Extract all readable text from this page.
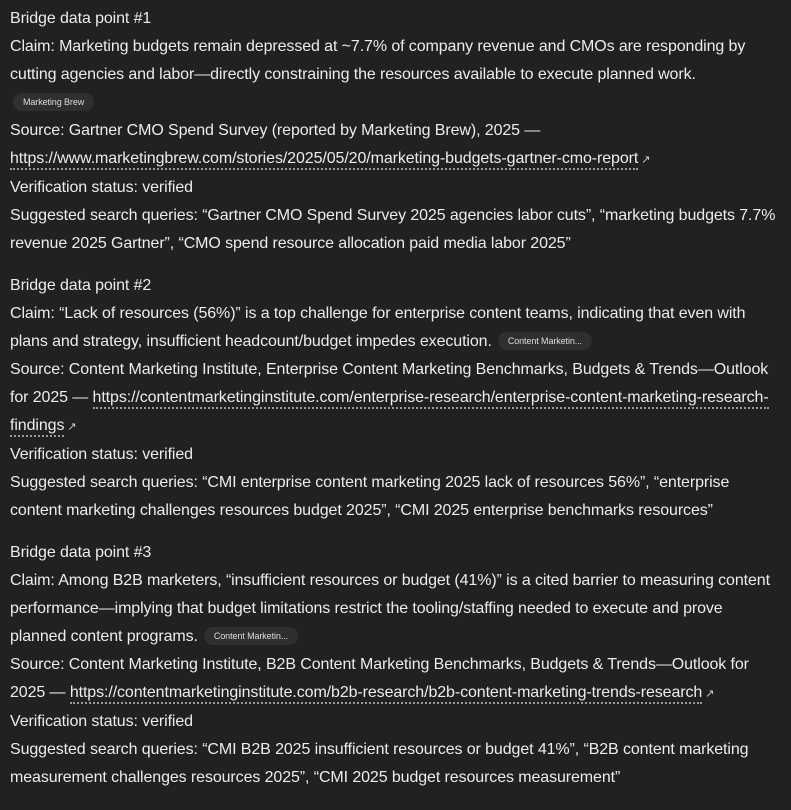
Bridge data point #1

Claim: Marketing budgets remain depressed at ~7.7% of company revenue and CMOs are responding by cutting agencies and labor—directly constraining the resources available to execute planned work.
Marketing Brew

Source: Gartner CMO Spend Survey (reported by Marketing Brew), 2025 —
https://www.marketingbrew.com/stories/2025/05/20/marketing-budgets-gartner-cmo-report ↗

Verification status: verified

Suggested search queries: “Gartner CMO Spend Survey 2025 agencies labor cuts”, “marketing budgets 7.7% revenue 2025 Gartner”, “CMO spend resource allocation paid media labor 2025”

Bridge data point #2

Claim: “Lack of resources (56%)” is a top challenge for enterprise content teams, indicating that even with plans and strategy, insufficient headcount/budget impedes execution. Content Marketin...

Source: Content Marketing Institute, Enterprise Content Marketing Benchmarks, Budgets & Trends—Outlook for 2025 — https://contentmarketinginstitute.com/enterprise-research/enterprise-content-marketing-research-findings ↗

Verification status: verified

Suggested search queries: “CMI enterprise content marketing 2025 lack of resources 56%”, “enterprise content marketing challenges resources budget 2025”, “CMI 2025 enterprise benchmarks resources”

Bridge data point #3

Claim: Among B2B marketers, “insufficient resources or budget (41%)” is a cited barrier to measuring content performance—implying that budget limitations restrict the tooling/staffing needed to execute and prove planned content programs. Content Marketin...

Source: Content Marketing Institute, B2B Content Marketing Benchmarks, Budgets & Trends—Outlook for 2025 — https://contentmarketinginstitute.com/b2b-research/b2b-content-marketing-trends-research ↗

Verification status: verified

Suggested search queries: “CMI B2B 2025 insufficient resources or budget 41%”, “B2B content marketing measurement challenges resources 2025”, “CMI 2025 budget resources measurement”
